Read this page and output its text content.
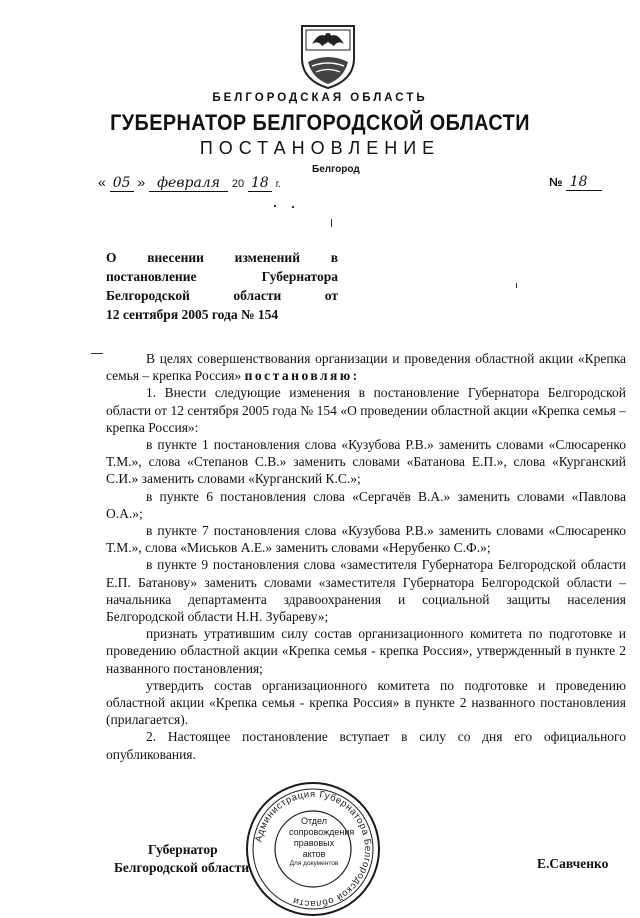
БЕЛГОРОДСКАЯ ОБЛАСТЬ
ГУБЕРНАТОР БЕЛГОРОДСКОЙ ОБЛАСТИ
ПОСТАНОВЛЕНИЕ
Белгород
« 05 » февраля 20 18 г.	№ 18
О внесении изменений в
постановление Губернатора
Белгородской области от
12 сентября 2005 года № 154

В целях совершенствования организации и проведения областной акции «Крепка семья – крепка Россия» постановляю:

1. Внести следующие изменения в постановление Губернатора Белгородской области от 12 сентября 2005 года № 154 «О проведении областной акции «Крепка семья – крепка Россия»:

в пункте 1 постановления слова «Кузубова Р.В.» заменить словами «Слюсаренко Т.М.», слова «Степанов С.В.» заменить словами «Батанова Е.П.», слова «Курганский С.И.» заменить словами «Курганский К.С.»;

в пункте 6 постановления слова «Сергачёв В.А.» заменить словами «Павлова О.А.»;

в пункте 7 постановления слова «Кузубова Р.В.» заменить словами «Слюсаренко Т.М.», слова «Миськов А.Е.» заменить словами «Нерубенко С.Ф.»;

в пункте 9 постановления слова «заместителя Губернатора Белгородской области Е.П. Батанову» заменить словами «заместителя Губернатора Белгородской области – начальника департамента здравоохранения и социальной защиты населения Белгородской области Н.Н. Зубареву»;

признать утратившим силу состав организационного комитета по подготовке и проведению областной акции «Крепка семья - крепка Россия», утвержденный в пункте 2 названного постановления;

утвердить состав организационного комитета по подготовке и проведению областной акции «Крепка семья - крепка Россия» в пункте 2 названного постановления (прилагается).

2. Настоящее постановление вступает в силу со дня его официального опубликования.

Губернатор
Белгородской области	Е.Савченко
Администрация Губернатора Белгородской области
Отдел
сопровождения
правовых
актов
Для документов
